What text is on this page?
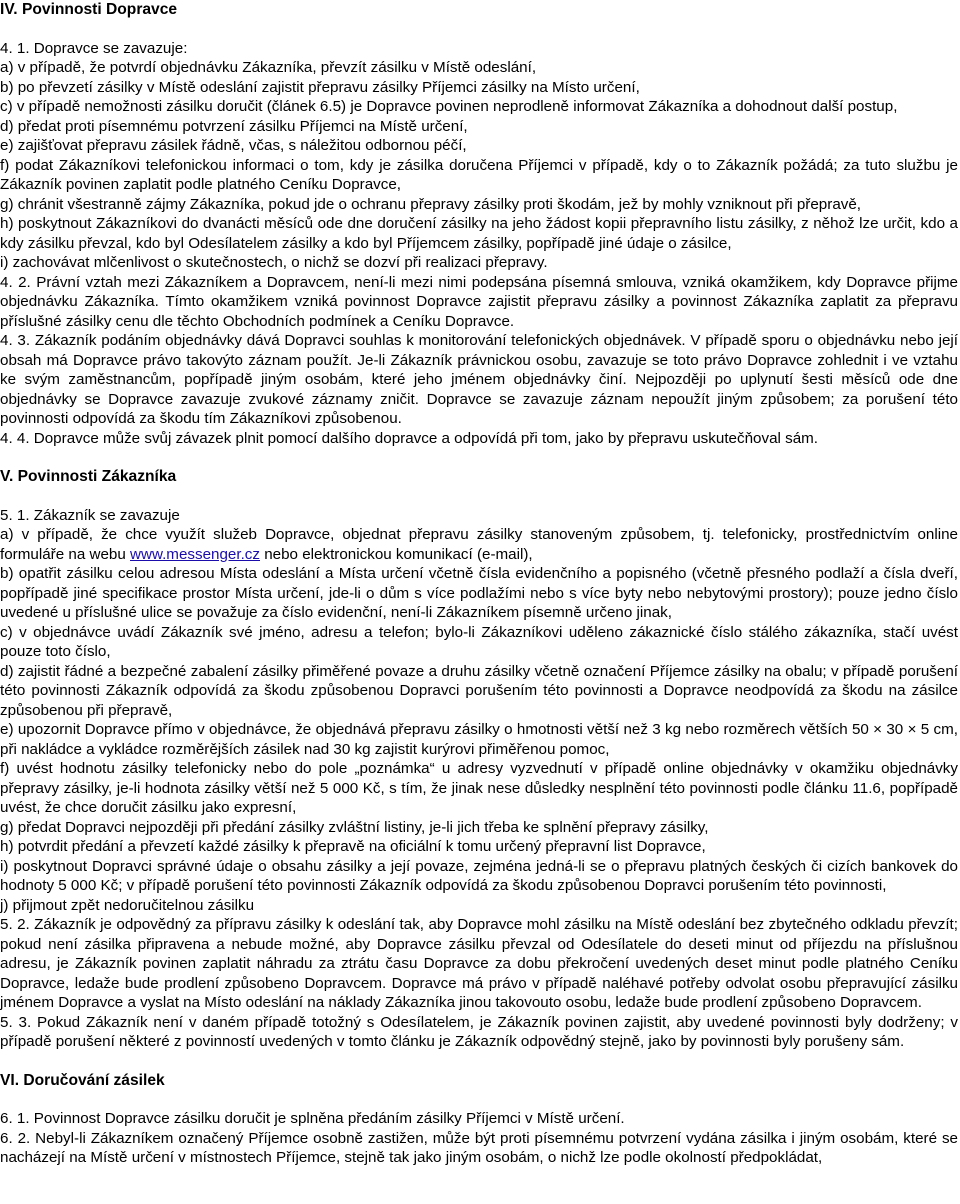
IV. Povinnosti Dopravce

4. 1. Dopravce se zavazuje:

a) v případě, že potvrdí objednávku Zákazníka, převzít zásilku v Místě odeslání,

b) po převzetí zásilky v Místě odeslání zajistit přepravu zásilky Příjemci zásilky na Místo určení,

c) v případě nemožnosti zásilku doručit (článek 6.5) je Dopravce povinen neprodleně informovat Zákazníka a dohodnout další postup,

d) předat proti písemnému potvrzení zásilku Příjemci na Místě určení,

e) zajišťovat přepravu zásilek řádně, včas, s náležitou odbornou péčí,

f) podat Zákazníkovi telefonickou informaci o tom, kdy je zásilka doručena Příjemci v případě, kdy o to Zákazník požádá; za tuto službu je Zákazník povinen zaplatit podle platného Ceníku Dopravce,

g) chránit všestranně zájmy Zákazníka, pokud jde o ochranu přepravy zásilky proti škodám, jež by mohly vzniknout při přepravě,

h) poskytnout Zákazníkovi do dvanácti měsíců ode dne doručení zásilky na jeho žádost kopii přepravního listu zásilky, z něhož lze určit, kdo a kdy zásilku převzal, kdo byl Odesílatelem zásilky a kdo byl Příjemcem zásilky, popřípadě jiné údaje o zásilce,

i) zachovávat mlčenlivost o skutečnostech, o nichž se dozví při realizaci přepravy.

4. 2. Právní vztah mezi Zákazníkem a Dopravcem, není-li mezi nimi podepsána písemná smlouva, vzniká okamžikem, kdy Dopravce přijme objednávku Zákazníka. Tímto okamžikem vzniká povinnost Dopravce zajistit přepravu zásilky a povinnost Zákazníka zaplatit za přepravu příslušné zásilky cenu dle těchto Obchodních podmínek a Ceníku Dopravce.

4. 3. Zákazník podáním objednávky dává Dopravci souhlas k monitorování telefonických objednávek. V případě sporu o objednávku nebo její obsah má Dopravce právo takovýto záznam použít. Je-li Zákazník právnickou osobu, zavazuje se toto právo Dopravce zohlednit i ve vztahu ke svým zaměstnancům, popřípadě jiným osobám, které jeho jménem objednávky činí. Nejpozději po uplynutí šesti měsíců ode dne objednávky se Dopravce zavazuje zvukové záznamy zničit. Dopravce se zavazuje záznam nepoužít jiným způsobem; za porušení této povinnosti odpovídá za škodu tím Zákazníkovi způsobenou.

4. 4. Dopravce může svůj závazek plnit pomocí dalšího dopravce a odpovídá při tom, jako by přepravu uskutečňoval sám.

V. Povinnosti Zákazníka

5. 1. Zákazník se zavazuje

a) v případě, že chce využít služeb Dopravce, objednat přepravu zásilky stanoveným způsobem, tj. telefonicky, prostřednictvím online formuláře na webu www.messenger.cz nebo elektronickou komunikací (e-mail),

b) opatřit zásilku celou adresou Místa odeslání a Místa určení včetně čísla evidenčního a popisného (včetně přesného podlaží a čísla dveří, popřípadě jiné specifikace prostor Místa určení, jde-li o dům s více podlažími nebo s více byty nebo nebytovými prostory); pouze jedno číslo uvedené u příslušné ulice se považuje za číslo evidenční, není-li Zákazníkem písemně určeno jinak,

c) v objednávce uvádí Zákazník své jméno, adresu a telefon; bylo-li Zákazníkovi uděleno zákaznické číslo stálého zákazníka, stačí uvést pouze toto číslo,

d) zajistit řádné a bezpečné zabalení zásilky přiměřené povaze a druhu zásilky včetně označení Příjemce zásilky na obalu; v případě porušení této povinnosti Zákazník odpovídá za škodu způsobenou Dopravci porušením této povinnosti a Dopravce neodpovídá za škodu na zásilce způsobenou při přepravě,

e) upozornit Dopravce přímo v objednávce, že objednává přepravu zásilky o hmotnosti větší než 3 kg nebo rozměrech větších 50 × 30 × 5 cm, při nakládce a vykládce rozměrějších zásilek nad 30 kg zajistit kurýrovi přiměřenou pomoc,

f) uvést hodnotu zásilky telefonicky nebo do pole „poznámka“ u adresy vyzvednutí v případě online objednávky v okamžiku objednávky přepravy zásilky, je-li hodnota zásilky větší než 5 000 Kč, s tím, že jinak nese důsledky nesplnění této povinnosti podle článku 11.6, popřípadě uvést, že chce doručit zásilku jako expresní,

g) předat Dopravci nejpozději při předání zásilky zvláštní listiny, je-li jich třeba ke splnění přepravy zásilky,

h) potvrdit předání a převzetí každé zásilky k přepravě na oficiální k tomu určený přepravní list Dopravce,

i) poskytnout Dopravci správné údaje o obsahu zásilky a její povaze, zejména jedná-li se o přepravu platných českých či cizích bankovek do hodnoty 5 000 Kč; v případě porušení této povinnosti Zákazník odpovídá za škodu způsobenou Dopravci porušením této povinnosti,

j) přijmout zpět nedoručitelnou zásilku

5. 2. Zákazník je odpovědný za přípravu zásilky k odeslání tak, aby Dopravce mohl zásilku na Místě odeslání bez zbytečného odkladu převzít; pokud není zásilka připravena a nebude možné, aby Dopravce zásilku převzal od Odesílatele do deseti minut od příjezdu na příslušnou adresu, je Zákazník povinen zaplatit náhradu za ztrátu času Dopravce za dobu překročení uvedených deset minut podle platného Ceníku Dopravce, ledaže bude prodlení způsobeno Dopravcem. Dopravce má právo v případě naléhavé potřeby odvolat osobu přepravující zásilku jménem Dopravce a vyslat na Místo odeslání na náklady Zákazníka jinou takovouto osobu, ledaže bude prodlení způsobeno Dopravcem.

5. 3. Pokud Zákazník není v daném případě totožný s Odesílatelem, je Zákazník povinen zajistit, aby uvedené povinnosti byly dodrženy; v případě porušení některé z povinností uvedených v tomto článku je Zákazník odpovědný stejně, jako by povinnosti byly porušeny sám.

VI. Doručování zásilek

6. 1. Povinnost Dopravce zásilku doručit je splněna předáním zásilky Příjemci v Místě určení.

6. 2. Nebyl-li Zákazníkem označený Příjemce osobně zastižen, může být proti písemnému potvrzení vydána zásilka i jiným osobám, které se nacházejí na Místě určení v místnostech Příjemce, stejně tak jako jiným osobám, o nichž lze podle okolností předpokládat,
